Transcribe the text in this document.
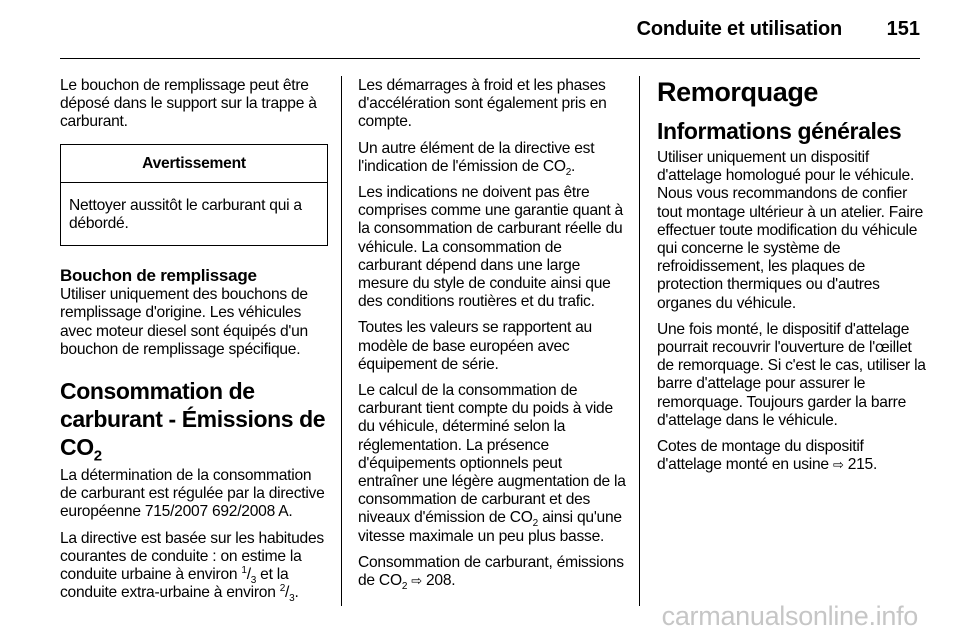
Conduite et utilisation 151

Le bouchon de remplissage peut être déposé dans le support sur la trappe à carburant.

Avertissement
Nettoyer aussitôt le carburant qui a débordé.
Bouchon de remplissage

Utiliser uniquement des bouchons de remplissage d'origine. Les véhicules avec moteur diesel sont équipés d'un bouchon de remplissage spécifique.

Consommation de carburant - Émissions de $CO_2$

La détermination de la consommation de carburant est régulée par la directive européenne 715/2007 692/2008 A.

La directive est basée sur les habitudes courantes de conduite : on estime la conduite urbaine à environ $^1/_3$ et la conduite extra-urbaine à environ $^2/_3$.

Les démarrages à froid et les phases d'accélération sont également pris en compte.

Un autre élément de la directive est l'indication de l'émission de $CO_2$.

Les indications ne doivent pas être comprises comme une garantie quant à la consommation de carburant réelle du véhicule. La consommation de carburant dépend dans une large mesure du style de conduite ainsi que des conditions routières et du trafic.

Toutes les valeurs se rapportent au modèle de base européen avec équipement de série.

Le calcul de la consommation de carburant tient compte du poids à vide du véhicule, déterminé selon la réglementation. La présence d'équipements optionnels peut entraîner une légère augmentation de la consommation de carburant et des niveaux d'émission de $CO_2$ ainsi qu'une vitesse maximale un peu plus basse.

Consommation de carburant, émissions de $CO_2$ ⇨ 208.

Remorquage
Informations générales

Utiliser uniquement un dispositif d'attelage homologué pour le véhicule. Nous vous recommandons de confier tout montage ultérieur à un atelier. Faire effectuer toute modification du véhicule qui concerne le système de refroidissement, les plaques de protection thermiques ou d'autres organes du véhicule.

Une fois monté, le dispositif d'attelage pourrait recouvrir l'ouverture de l'œillet de remorquage. Si c'est le cas, utiliser la barre d'attelage pour assurer le remorquage. Toujours garder la barre d'attelage dans le véhicule.

Cotes de montage du dispositif d'attelage monté en usine ⇨ 215.

carmanualsonline.info
